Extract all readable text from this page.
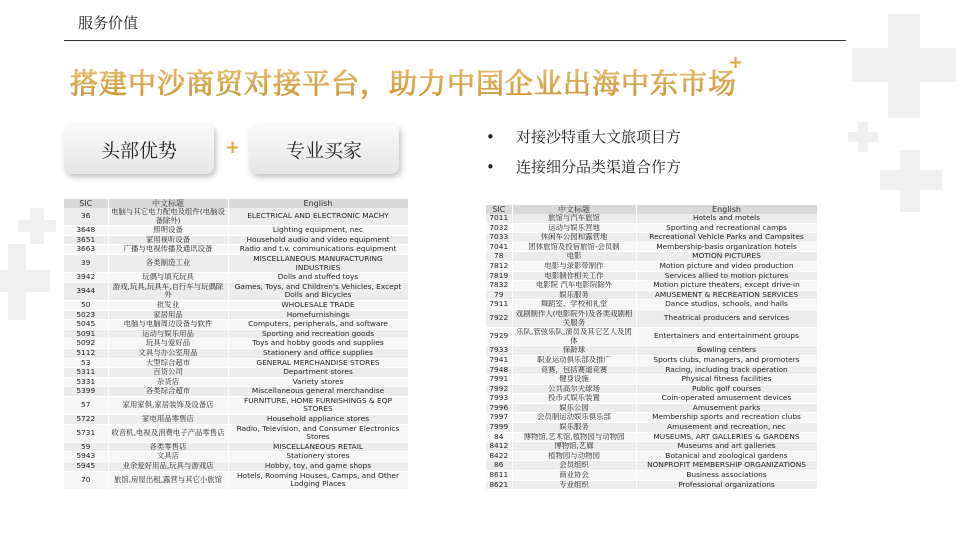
服务价值
搭建中沙商贸对接平台，助力中国企业出海中东市场
+
头部优势	+ 专业买家
• 对接沙特重大文旅项目方
• 连接细分品类渠道合作方
SIC	中文标题	English
36	电脑与其它电力配电及组件(电脑设备除外)	ELECTRICAL AND ELECTRONIC MACHY
3648	照明设备	Lighting equipment, nec
3651	家用视听设备	Household audio and video equipment
3663	广播与电视传播及通讯设备	Radio and t.v. communications equipment
39	各类制造工业	MISCELLANEOUS MANUFACTURING INDUSTRIES
3942	玩偶与填充玩具	Dolls and stuffed toys
3944	游戏,玩具,玩具车,自行车与玩偶除外	Games, Toys, and Children's Vehicles, Except Dolls and Bicycles
50	批发业	WHOLESALE TRADE
5023	家居用品	Homefurnishings
5045	电脑与电脑周边设备与软件	Computers, peripherals, and software
5091	运动与娱乐用品	Sporting and recreation goods
5092	玩具与爱好品	Toys and hobby goods and supplies
5112	文具与办公室用品	Stationery and office supplies
53	大型综合超市	GENERAL MERCHANDISE STORES
5311	百货公司	Department stores
5331	杂货店	Variety stores
5399	各类综合超市	Miscellaneous general merchandise
57	家用家俱,家居装饰及设备店	FURNITURE, HOME FURNISHINGS & EQP STORES
5722	家电用品零售店	Household appliance stores
5731	收音机,电视及消费电子产品零售店	Radio, Television, and Consumer Electronics Stores
59	各类零售店	MISCELLANEOUS RETAIL
5943	文具店	Stationery stores
5945	业余爱好用品,玩具与游戏店	Hobby, toy, and game shops
70	旅馆,房屋出租,露营与其它小旅馆	Hotels, Rooming Houses, Camps, and Other Lodging Places
SIC	中文标题	English
7011	旅馆与汽车旅馆	Hotels and motels
7032	运动与娱乐营地	Sporting and recreational camps
7033	休闲车公园和露营地	Recreational Vehicle Parks and Campsites
7041	团体旅馆及投宿旅馆-会员制	Membership-basis organization hotels
78	电影	MOTION PICTURES
7812	电影与录影带制作	Motion picture and video production
7819	电影制作相关工作	Services allied to motion pictures
7832	电影院 汽车电影院除外	Motion picture theaters, except drive-in
79	娱乐服务	AMUSEMENT & RECREATION SERVICES
7911	舞蹈室、学校和礼堂	Dance studios, schools, and halls
7922	戏剧制作人(电影院外)及各类戏剧相关服务	Theatrical producers and services
7929	乐队,管弦乐队,演员及其它艺人及团体	Entertainers and entertainment groups
7933	保龄球	Bowling centers
7941	职业运动俱乐部及推广	Sports clubs, managers, and promoters
7948	竞赛，包括赛道竞赛	Racing, including track operation
7991	健身设施	Physical fitness facilities
7992	公共高尔夫球场	Public golf courses
7993	投币式娱乐装置	Coin-operated amusement devices
7996	娱乐公园	Amusement parks
7997	会员制运动娱乐俱乐部	Membership sports and recreation clubs
7999	娱乐服务	Amusement and recreation, nec
84	博物馆,艺术馆,植物园与动物园	MUSEUMS, ART GALLERIES & GARDENS
8412	博物馆,艺廊	Museums and art galleries
8422	植物园与动物园	Botanical and zoological gardens
86	会员组织	NONPROFIT MEMBERSHIP ORGANIZATIONS
8611	商业协会	Business associations
8621	专业组织	Professional organizations
